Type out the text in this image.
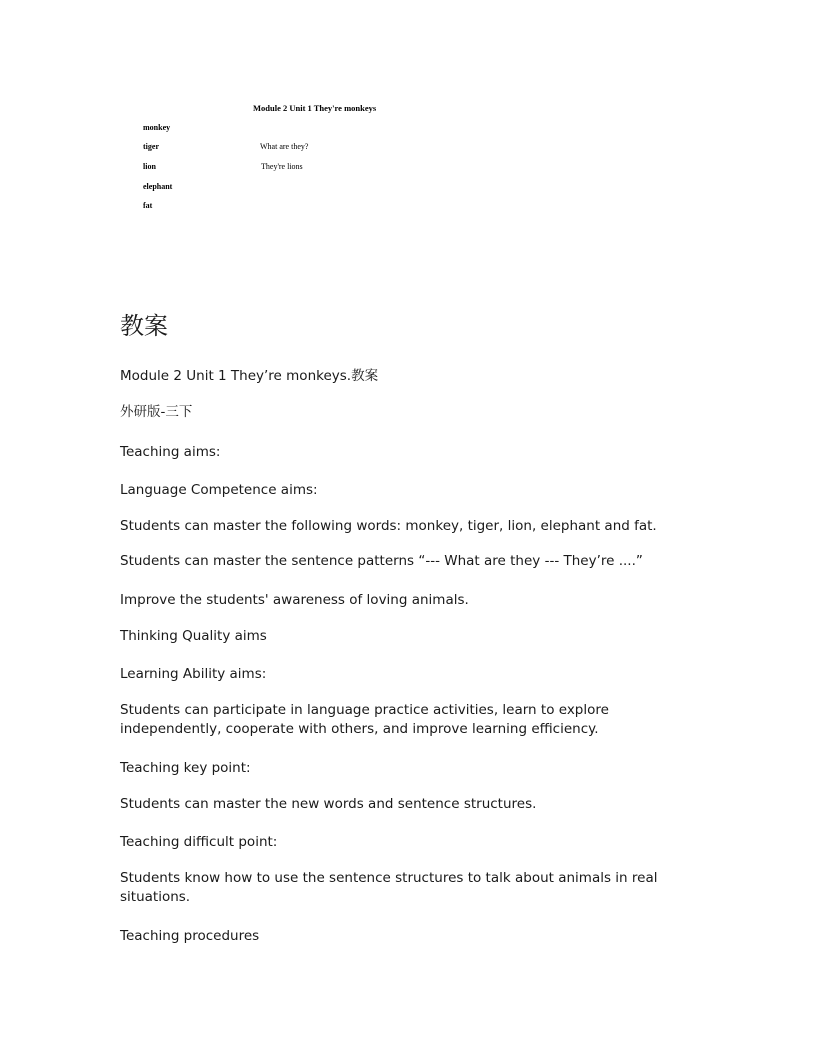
Module 2 Unit 1 They're monkeys
monkey
tiger
lion
elephant
fat
What are they?
They're lions
教案

Module 2 Unit 1 They’re monkeys.教案

外研版-三下

Teaching aims:

Language Competence aims:

Students can master the following words: monkey, tiger, lion, elephant and fat.

Students can master the sentence patterns “--- What are they --- They’re ....”

Improve the students' awareness of loving animals.

Thinking Quality aims

Learning Ability aims:

Students can participate in language practice activities, learn to explore independently, cooperate with others, and improve learning efficiency.

Teaching key point:

Students can master the new words and sentence structures.

Teaching difficult point:

Students know how to use the sentence structures to talk about animals in real situations.

Teaching procedures
